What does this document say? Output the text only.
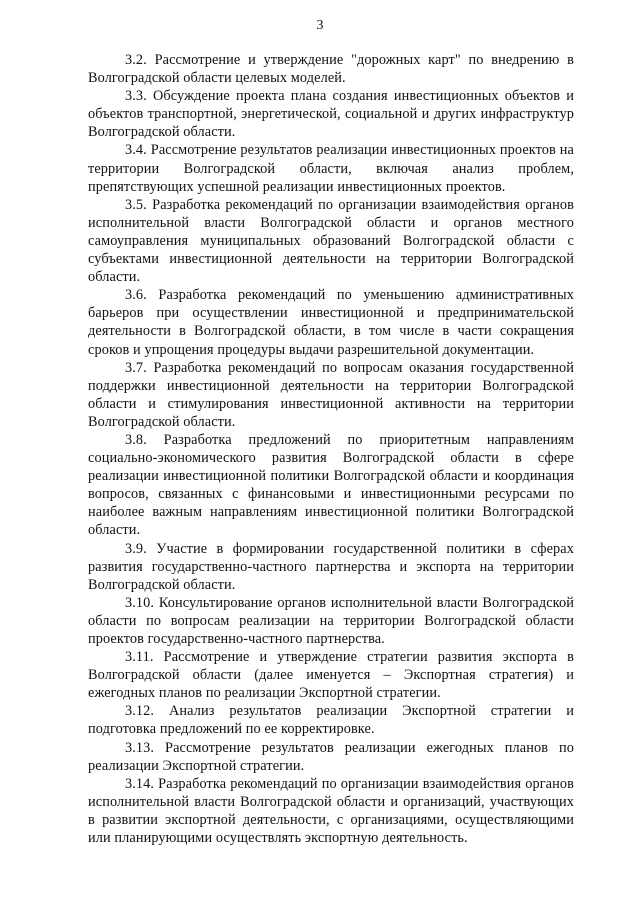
3

3.2. Рассмотрение и утверждение "дорожных карт" по внедрению в Волгоградской области целевых моделей.

3.3. Обсуждение проекта плана создания инвестиционных объектов и объектов транспортной, энергетической, социальной и других инфраструктур Волгоградской области.

3.4. Рассмотрение результатов реализации инвестиционных проектов на территории Волгоградской области, включая анализ проблем, препятствующих успешной реализации инвестиционных проектов.

3.5. Разработка рекомендаций по организации взаимодействия органов исполнительной власти Волгоградской области и органов местного самоуправления муниципальных образований Волгоградской области с субъектами инвестиционной деятельности на территории Волгоградской области.

3.6. Разработка рекомендаций по уменьшению административных барьеров при осуществлении инвестиционной и предпринимательской деятельности в Волгоградской области, в том числе в части сокращения сроков и упрощения процедуры выдачи разрешительной документации.

3.7. Разработка рекомендаций по вопросам оказания государственной поддержки инвестиционной деятельности на территории Волгоградской области и стимулирования инвестиционной активности на территории Волгоградской области.

3.8. Разработка предложений по приоритетным направлениям социально-экономического развития Волгоградской области в сфере реализации инвестиционной политики Волгоградской области и координация вопросов, связанных с финансовыми и инвестиционными ресурсами по наиболее важным направлениям инвестиционной политики Волгоградской области.

3.9. Участие в формировании государственной политики в сферах развития государственно-частного партнерства и экспорта на территории Волгоградской области.

3.10. Консультирование органов исполнительной власти Волгоградской области по вопросам реализации на территории Волгоградской области проектов государственно-частного партнерства.

3.11. Рассмотрение и утверждение стратегии развития экспорта в Волгоградской области (далее именуется – Экспортная стратегия) и ежегодных планов по реализации Экспортной стратегии.

3.12. Анализ результатов реализации Экспортной стратегии и подготовка предложений по ее корректировке.

3.13. Рассмотрение результатов реализации ежегодных планов по реализации Экспортной стратегии.

3.14. Разработка рекомендаций по организации взаимодействия органов исполнительной власти Волгоградской области и организаций, участвующих в развитии экспортной деятельности, с организациями, осуществляющими или планирующими осуществлять экспортную деятельность.
